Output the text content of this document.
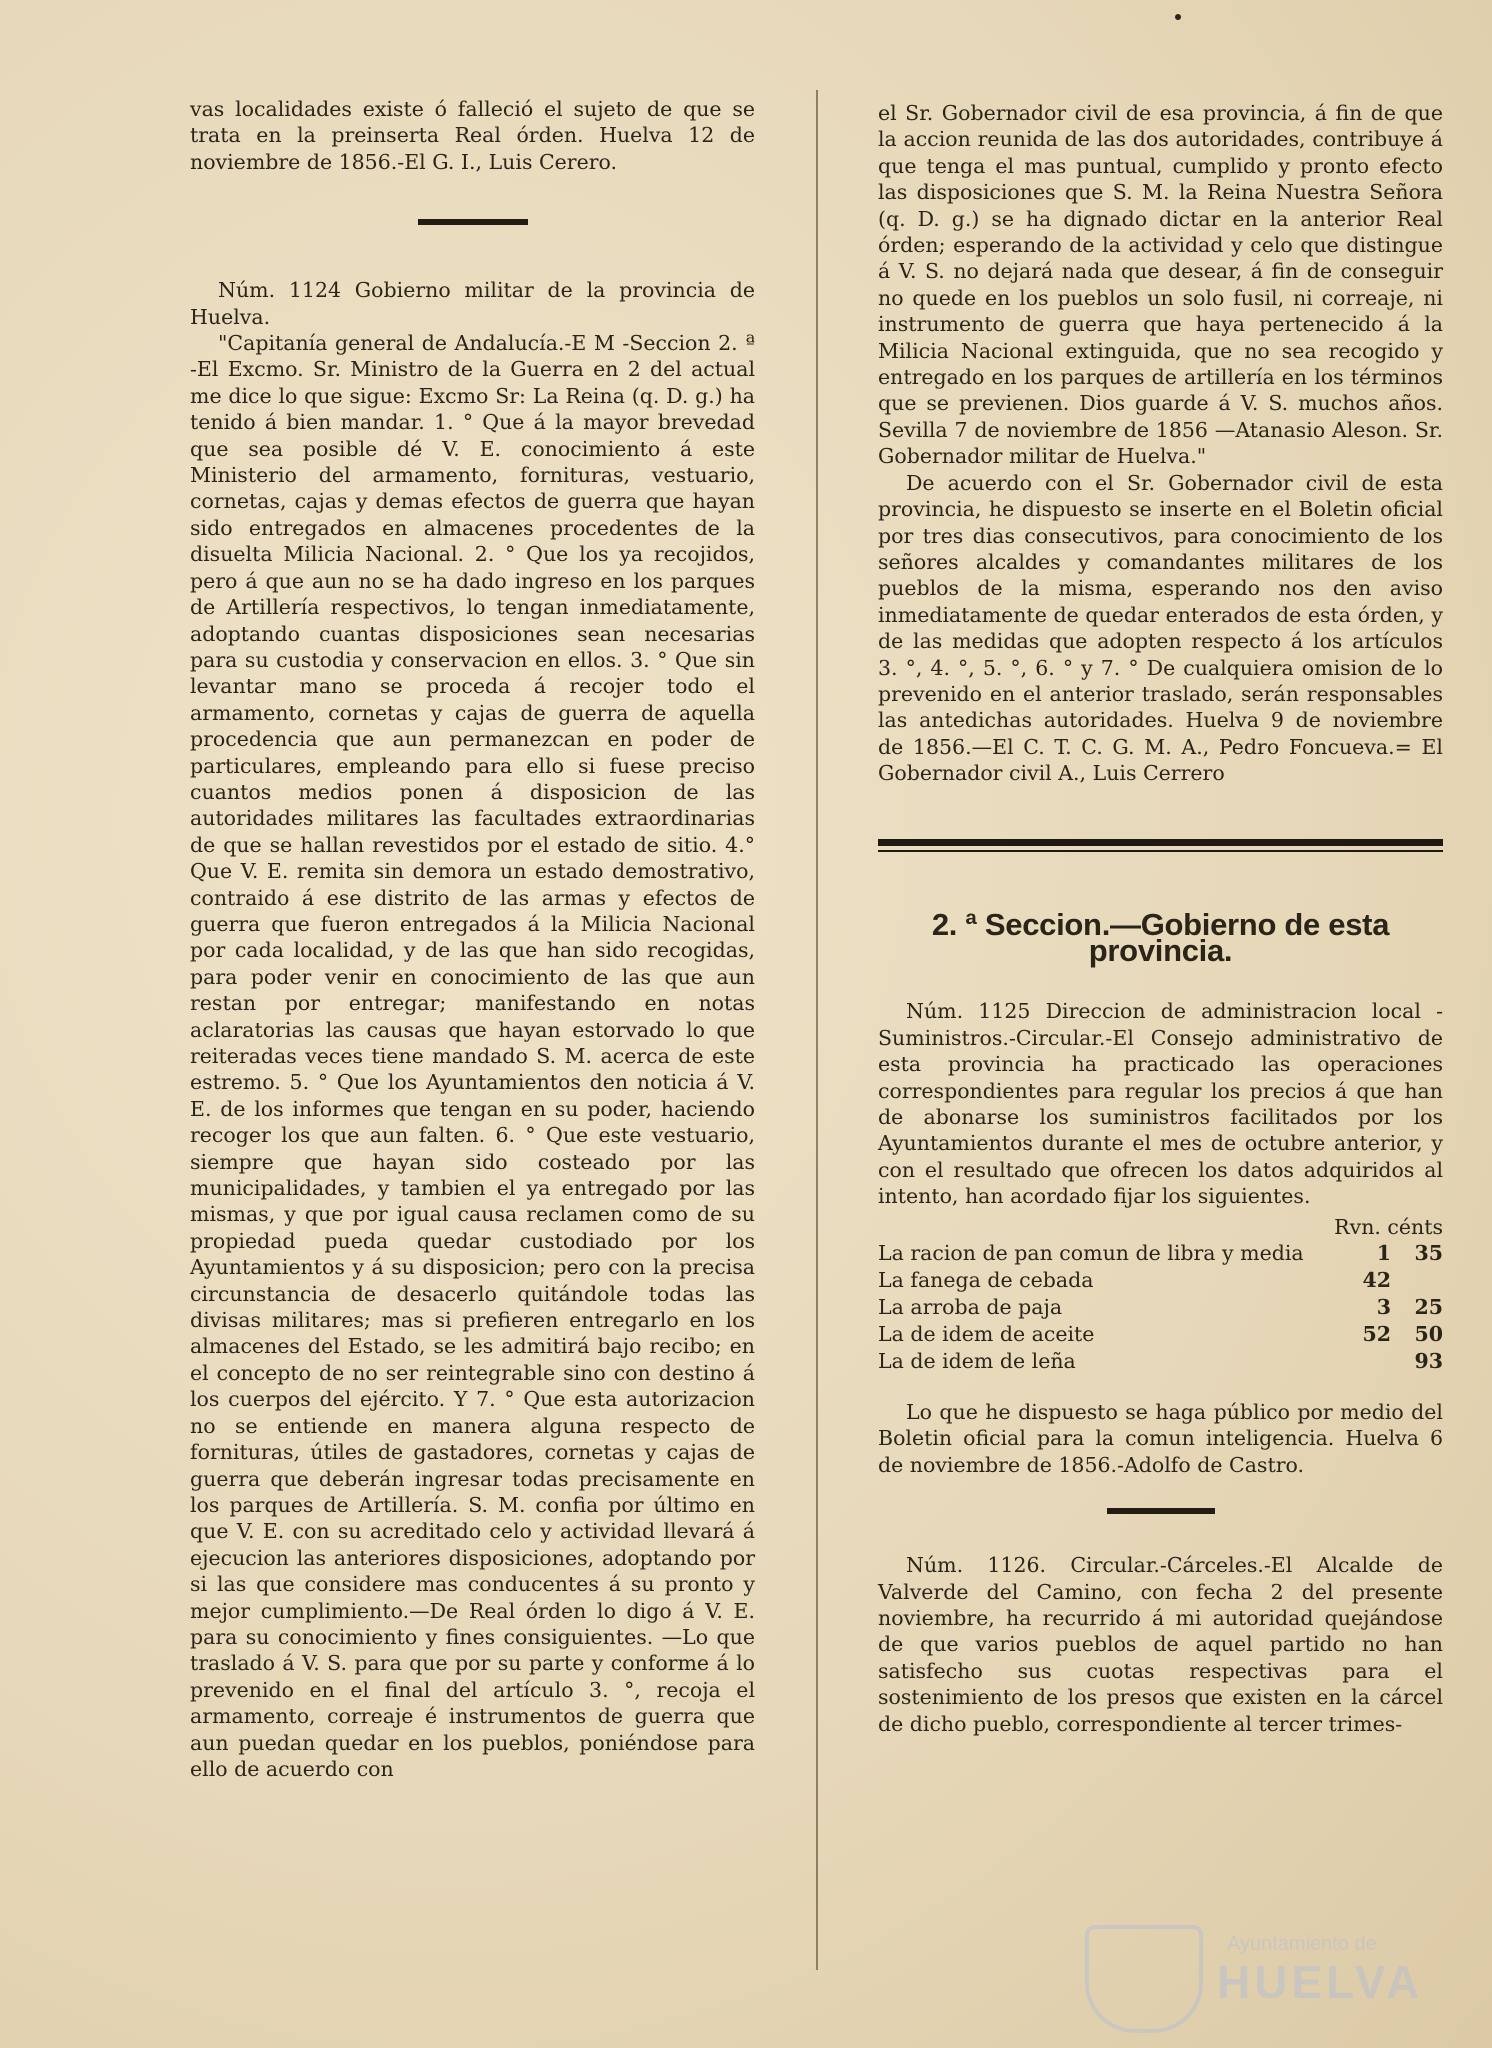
vas localidades existe ó falleció el sujeto de que se trata en la preinserta Real órden. Huelva 12 de noviembre de 1856.-El G. I., Luis Cerero.

Núm. 1124 Gobierno militar de la provincia de Huelva.

"Capitanía general de Andalucía.-E M -Seccion 2. ª -El Excmo. Sr. Ministro de la Guerra en 2 del actual me dice lo que sigue: Excmo Sr: La Reina (q. D. g.) ha tenido á bien mandar. 1. ° Que á la mayor brevedad que sea posible dé V. E. conocimiento á este Ministerio del armamento, fornituras, vestuario, cornetas, cajas y demas efectos de guerra que hayan sido entregados en almacenes procedentes de la disuelta Milicia Nacional. 2. ° Que los ya recojidos, pero á que aun no se ha dado ingreso en los parques de Artillería respectivos, lo tengan inmediatamente, adoptando cuantas disposiciones sean necesarias para su custodia y conservacion en ellos. 3. ° Que sin levantar mano se proceda á recojer todo el armamento, cornetas y cajas de guerra de aquella procedencia que aun permanezcan en poder de particulares, empleando para ello si fuese preciso cuantos medios ponen á disposicion de las autoridades militares las facultades extraordinarias de que se hallan revestidos por el estado de sitio. 4.° Que V. E. remita sin demora un estado demostrativo, contraido á ese distrito de las armas y efectos de guerra que fueron entregados á la Milicia Nacional por cada localidad, y de las que han sido recogidas, para poder venir en conocimiento de las que aun restan por entregar; manifestando en notas aclaratorias las causas que hayan estorvado lo que reiteradas veces tiene mandado S. M. acerca de este estremo. 5. ° Que los Ayuntamientos den noticia á V. E. de los informes que tengan en su poder, haciendo recoger los que aun falten. 6. ° Que este vestuario, siempre que hayan sido costeado por las municipalidades, y tambien el ya entregado por las mismas, y que por igual causa reclamen como de su propiedad pueda quedar custodiado por los Ayuntamientos y á su disposicion; pero con la precisa circunstancia de desacerlo quitándole todas las divisas militares; mas si prefieren entregarlo en los almacenes del Estado, se les admitirá bajo recibo; en el concepto de no ser reintegrable sino con destino á los cuerpos del ejército. Y 7. ° Que esta autorizacion no se entiende en manera alguna respecto de fornituras, útiles de gastadores, cornetas y cajas de guerra que deberán ingresar todas precisamente en los parques de Artillería. S. M. confia por último en que V. E. con su acreditado celo y actividad llevará á ejecucion las anteriores disposiciones, adoptando por si las que considere mas conducentes á su pronto y mejor cumplimiento.—De Real órden lo digo á V. E. para su conocimiento y fines consiguientes. —Lo que traslado á V. S. para que por su parte y conforme á lo prevenido en el final del artículo 3. °, recoja el armamento, correaje é instrumentos de guerra que aun puedan quedar en los pueblos, poniéndose para ello de acuerdo con

el Sr. Gobernador civil de esa provincia, á fin de que la accion reunida de las dos autoridades, contribuye á que tenga el mas puntual, cumplido y pronto efecto las disposiciones que S. M. la Reina Nuestra Señora (q. D. g.) se ha dignado dictar en la anterior Real órden; esperando de la actividad y celo que distingue á V. S. no dejará nada que desear, á fin de conseguir no quede en los pueblos un solo fusil, ni correaje, ni instrumento de guerra que haya pertenecido á la Milicia Nacional extinguida, que no sea recogido y entregado en los parques de artillería en los términos que se previenen. Dios guarde á V. S. muchos años. Sevilla 7 de noviembre de 1856 —Atanasio Aleson. Sr. Gobernador militar de Huelva."

De acuerdo con el Sr. Gobernador civil de esta provincia, he dispuesto se inserte en el Boletin oficial por tres dias consecutivos, para conocimiento de los señores alcaldes y comandantes militares de los pueblos de la misma, esperando nos den aviso inmediatamente de quedar enterados de esta órden, y de las medidas que adopten respecto á los artículos 3. °, 4. °, 5. °, 6. ° y 7. ° De cualquiera omision de lo prevenido en el anterior traslado, serán responsables las antedichas autoridades. Huelva 9 de noviembre de 1856.—El C. T. C. G. M. A., Pedro Foncueva.= El Gobernador civil A., Luis Cerrero

2. ª Seccion.—Gobierno de esta provincia.

Núm. 1125 Direccion de administracion local -Suministros.-Circular.-El Consejo administrativo de esta provincia ha practicado las operaciones correspondientes para regular los precios á que han de abonarse los suministros facilitados por los Ayuntamientos durante el mes de octubre anterior, y con el resultado que ofrecen los datos adquiridos al intento, han acordado fijar los siguientes.

Rvn. cénts
La racion de pan comun de libra y media	1	35
La fanega de cebada	42	
La arroba de paja	3	25
La de idem de aceite	52	50
La de idem de leña		93

Lo que he dispuesto se haga público por medio del Boletin oficial para la comun inteligencia. Huelva 6 de noviembre de 1856.-Adolfo de Castro.

Núm. 1126. Circular.-Cárceles.-El Alcalde de Valverde del Camino, con fecha 2 del presente noviembre, ha recurrido á mi autoridad quejándose de que varios pueblos de aquel partido no han satisfecho sus cuotas respectivas para el sostenimiento de los presos que existen en la cárcel de dicho pueblo, correspondiente al tercer trimes-

Ayuntamiento de
HUELVA
